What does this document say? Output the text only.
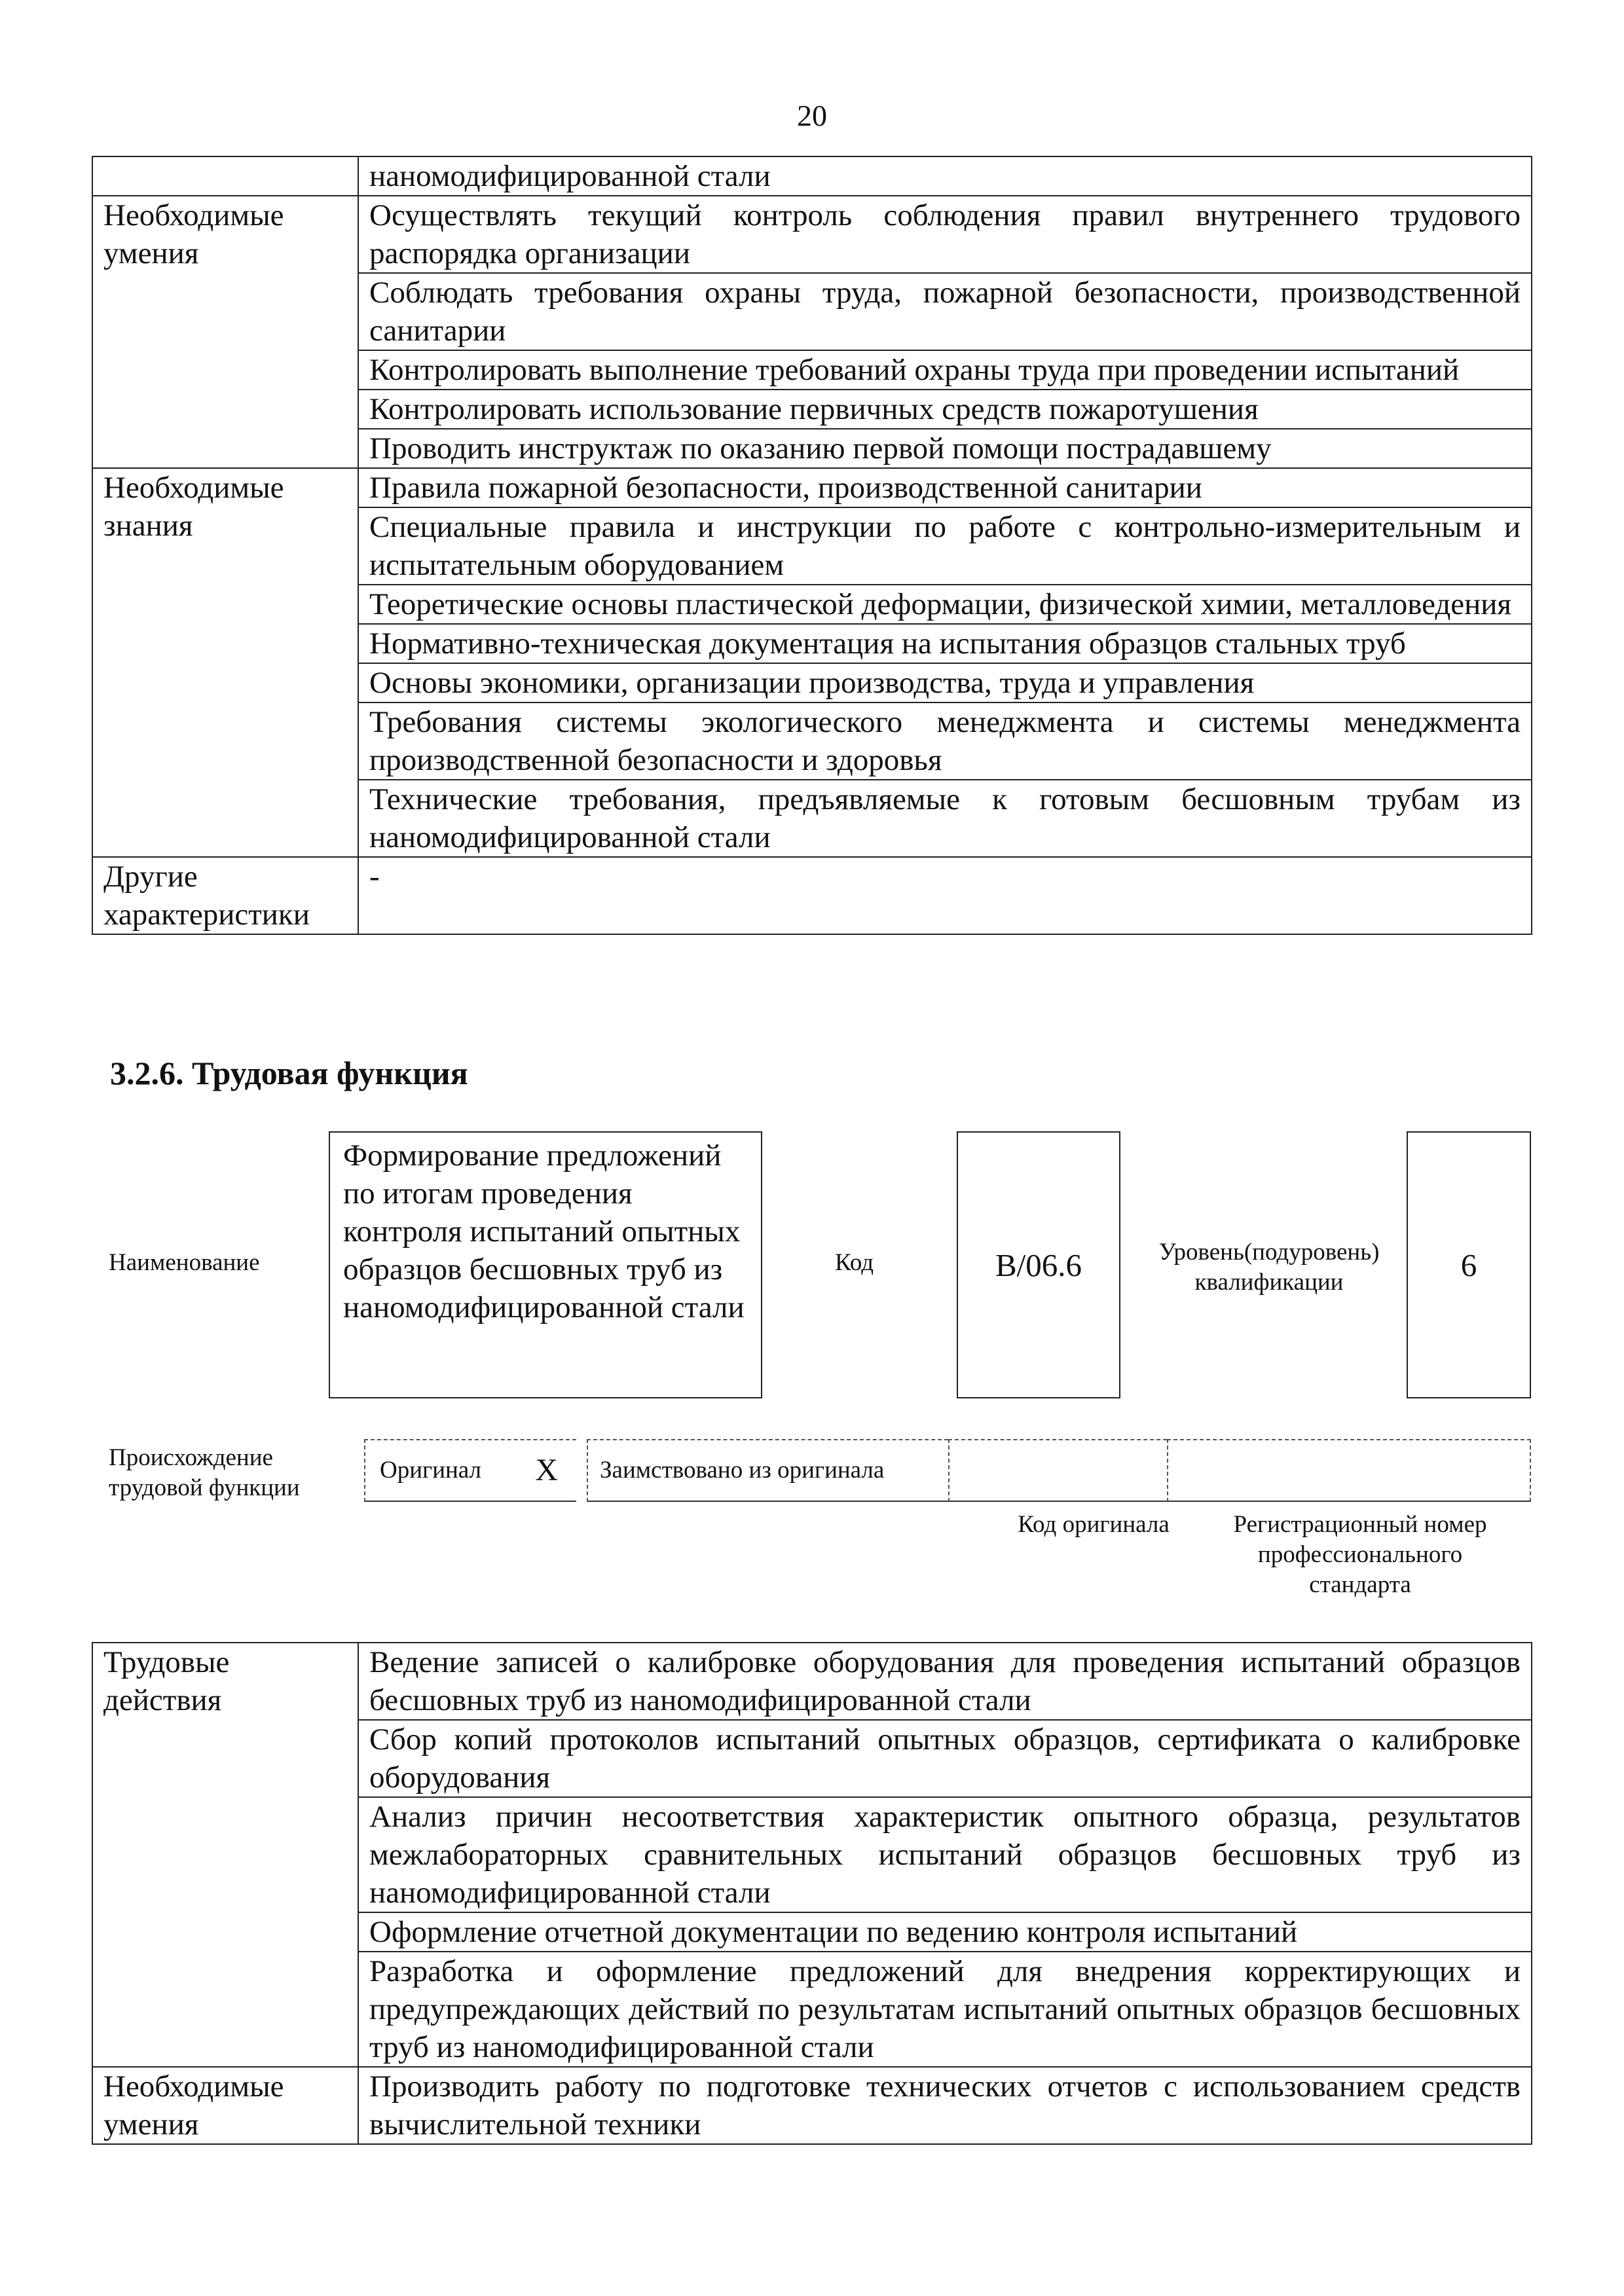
20
	наномодифицированной стали
Необходимые умения	Осуществлять текущий контроль соблюдения правил внутреннего трудового распорядка организации
	Соблюдать требования охраны труда, пожарной безопасности, производственной санитарии
	Контролировать выполнение требований охраны труда при проведении испытаний
	Контролировать использование первичных средств пожаротушения
	Проводить инструктаж по оказанию первой помощи пострадавшему
Необходимые знания	Правила пожарной безопасности, производственной санитарии
	Специальные правила и инструкции по работе с контрольно-измерительным и испытательным оборудованием
	Теоретические основы пластической деформации, физической химии, металловедения
	Нормативно-техническая документация на испытания образцов стальных труб
	Основы экономики, организации производства, труда и управления
	Требования системы экологического менеджмента и системы менеджмента производственной безопасности и здоровья
	Технические требования, предъявляемые к готовым бесшовным трубам из наномодифицированной стали
Другие характеристики	-
3.2.6. Трудовая функция
Наименование
Формирование предложений по итогам проведения контроля испытаний опытных образцов бесшовных труб из наномодифицированной стали
Код	B/06.6	Уровень(подуровень) квалификации	6
Происхождение трудовой функции
Оригинал X Заимствовано из оригинала
Код оригинала	Регистрационный номер профессионального стандарта
Трудовые действия	Ведение записей о калибровке оборудования для проведения испытаний образцов бесшовных труб из наномодифицированной стали
	Сбор копий протоколов испытаний опытных образцов, сертификата о калибровке оборудования
	Анализ причин несоответствия характеристик опытного образца, результатов межлабораторных сравнительных испытаний образцов бесшовных труб из наномодифицированной стали
	Оформление отчетной документации по ведению контроля испытаний
	Разработка и оформление предложений для внедрения корректирующих и предупреждающих действий по результатам испытаний опытных образцов бесшовных труб из наномодифицированной стали
Необходимые умения	Производить работу по подготовке технических отчетов с использованием средств вычислительной техники
